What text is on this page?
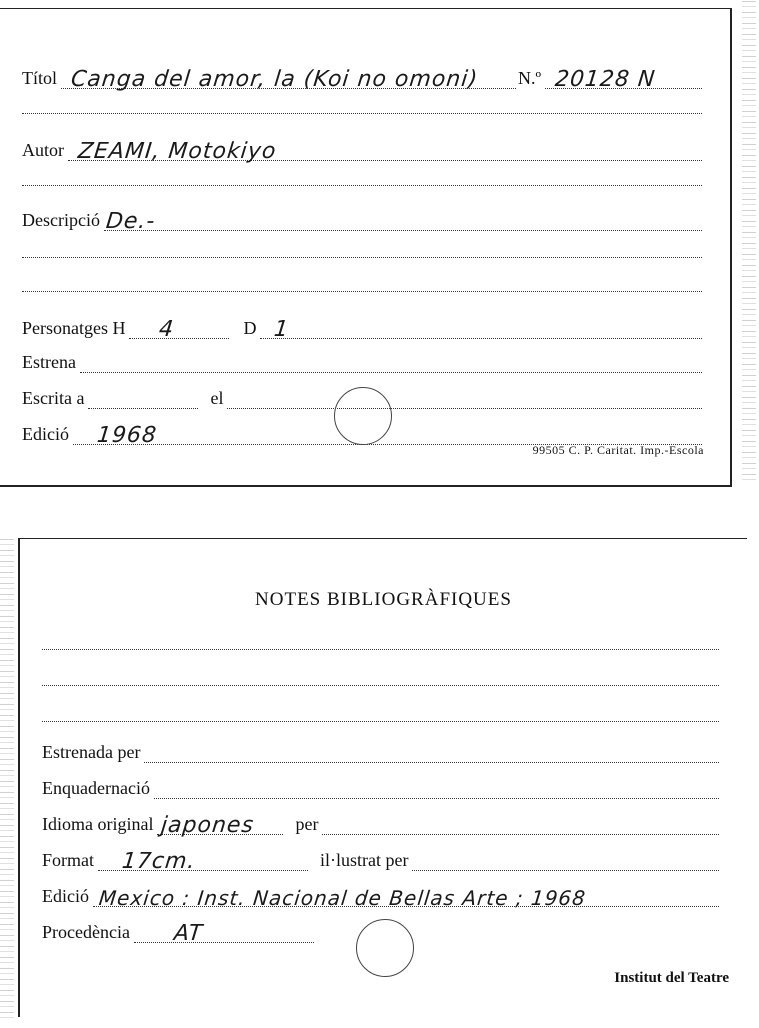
Títol Canga del amor, la (Koi no omoni) N.º 20128 N
Autor ZEAMI, Motokiyo
Descripció De.-
Personatges H 4	D 1
Estrena
Escrita a	el
Edició 1968
99505 C. P. Caritat. Imp.-Escola
NOTES BIBLIOGRÀFIQUES
Estrenada per
Enquadernació
Idioma original japones	per
Format 17cm.	il·lustrat per
Edició Mexico : Inst. Nacional de Bellas Arte ; 1968
Procedència AT
Institut del Teatre
